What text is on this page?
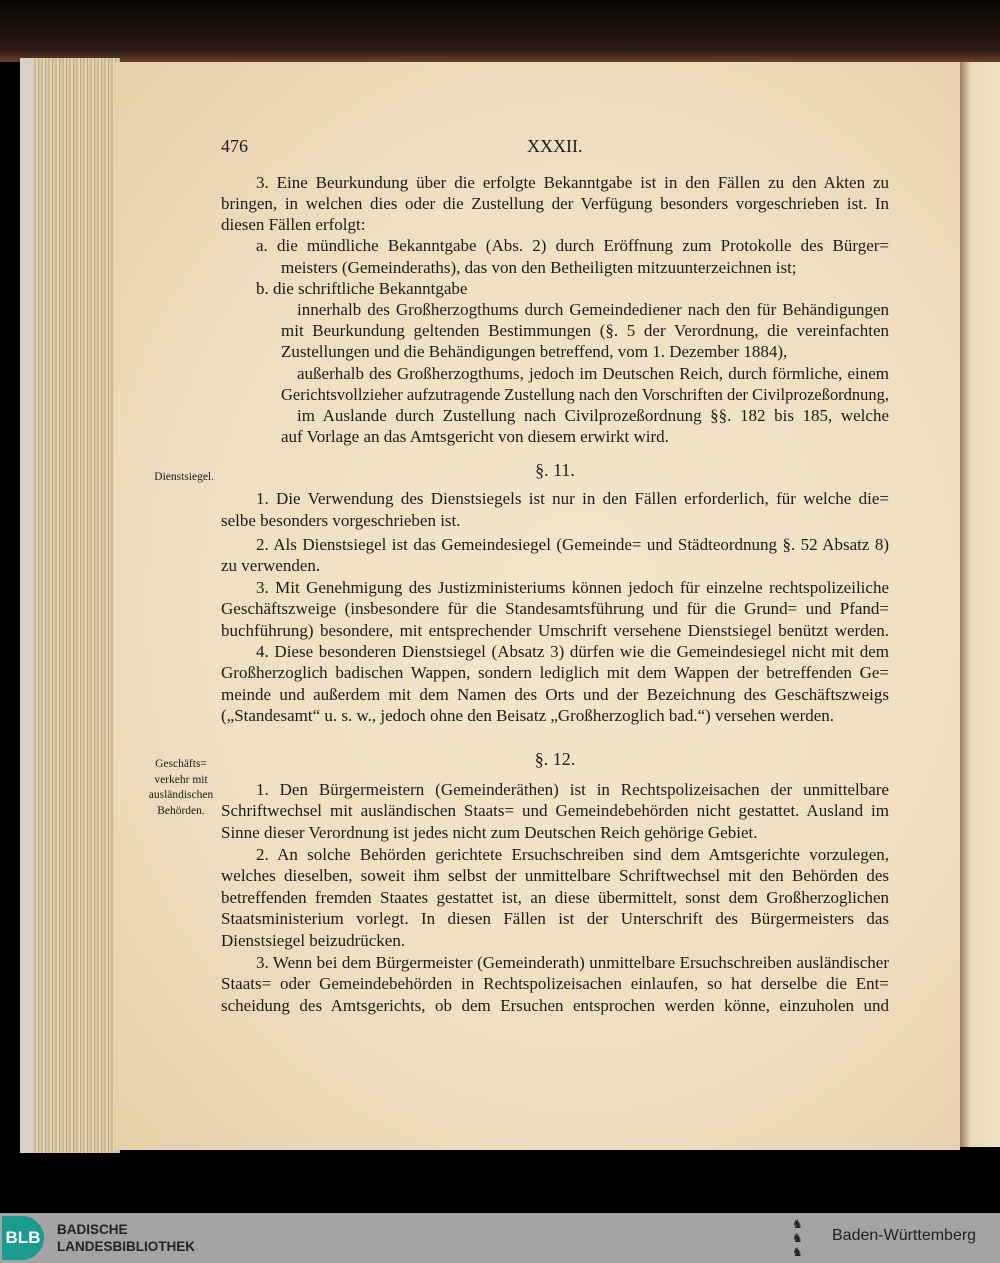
476	XXXII.
3. Eine Beurkundung über die erfolgte Bekanntgabe ist in den Fällen zu den Akten zu
bringen, in welchen dies oder die Zustellung der Verfügung besonders vorgeschrieben ist. In
diesen Fällen erfolgt:
a. die mündliche Bekanntgabe (Abs. 2) durch Eröffnung zum Protokolle des Bürger=
meisters (Gemeinderaths), das von den Betheiligten mitzuunterzeichnen ist;
b. die schriftliche Bekanntgabe
innerhalb des Großherzogthums durch Gemeindediener nach den für Behändigungen
mit Beurkundung geltenden Bestimmungen (§. 5 der Verordnung, die vereinfachten
Zustellungen und die Behändigungen betreffend, vom 1. Dezember 1884),
außerhalb des Großherzogthums, jedoch im Deutschen Reich, durch förmliche, einem
Gerichtsvollzieher aufzutragende Zustellung nach den Vorschriften der Civilprozeßordnung,
im Auslande durch Zustellung nach Civilprozeßordnung §§. 182 bis 185, welche
auf Vorlage an das Amtsgericht von diesem erwirkt wird.
Dienstsiegel.	§. 11.
1. Die Verwendung des Dienstsiegels ist nur in den Fällen erforderlich, für welche die=
selbe besonders vorgeschrieben ist.
2. Als Dienstsiegel ist das Gemeindesiegel (Gemeinde= und Städteordnung §. 52 Absatz 8)
zu verwenden.
3. Mit Genehmigung des Justizministeriums können jedoch für einzelne rechtspolizeiliche
Geschäftszweige (insbesondere für die Standesamtsführung und für die Grund= und Pfand=
buchführung) besondere, mit entsprechender Umschrift versehene Dienstsiegel benützt werden.
4. Diese besonderen Dienstsiegel (Absatz 3) dürfen wie die Gemeindesiegel nicht mit dem
Großherzoglich badischen Wappen, sondern lediglich mit dem Wappen der betreffenden Ge=
meinde und außerdem mit dem Namen des Orts und der Bezeichnung des Geschäftszweigs
(„Standesamt“ u. s. w., jedoch ohne den Beisatz „Großherzoglich bad.“) versehen werden.
Geschäfts=
verkehr mit
ausländischen
Behörden.
§. 12.
1. Den Bürgermeistern (Gemeinderäthen) ist in Rechtspolizeisachen der unmittelbare
Schriftwechsel mit ausländischen Staats= und Gemeindebehörden nicht gestattet. Ausland im
Sinne dieser Verordnung ist jedes nicht zum Deutschen Reich gehörige Gebiet.
2. An solche Behörden gerichtete Ersuchschreiben sind dem Amtsgerichte vorzulegen,
welches dieselben, soweit ihm selbst der unmittelbare Schriftwechsel mit den Behörden des
betreffenden fremden Staates gestattet ist, an diese übermittelt, sonst dem Großherzoglichen
Staatsministerium vorlegt. In diesen Fällen ist der Unterschrift des Bürgermeisters das
Dienstsiegel beizudrücken.
3. Wenn bei dem Bürgermeister (Gemeinderath) unmittelbare Ersuchschreiben ausländischer
Staats= oder Gemeindebehörden in Rechtspolizeisachen einlaufen, so hat derselbe die Ent=
scheidung des Amtsgerichts, ob dem Ersuchen entsprochen werden könne, einzuholen und
BLB BADISCHE
LANDESBIBLIOTHEK
♞
♞
♞
Baden-Württemberg
